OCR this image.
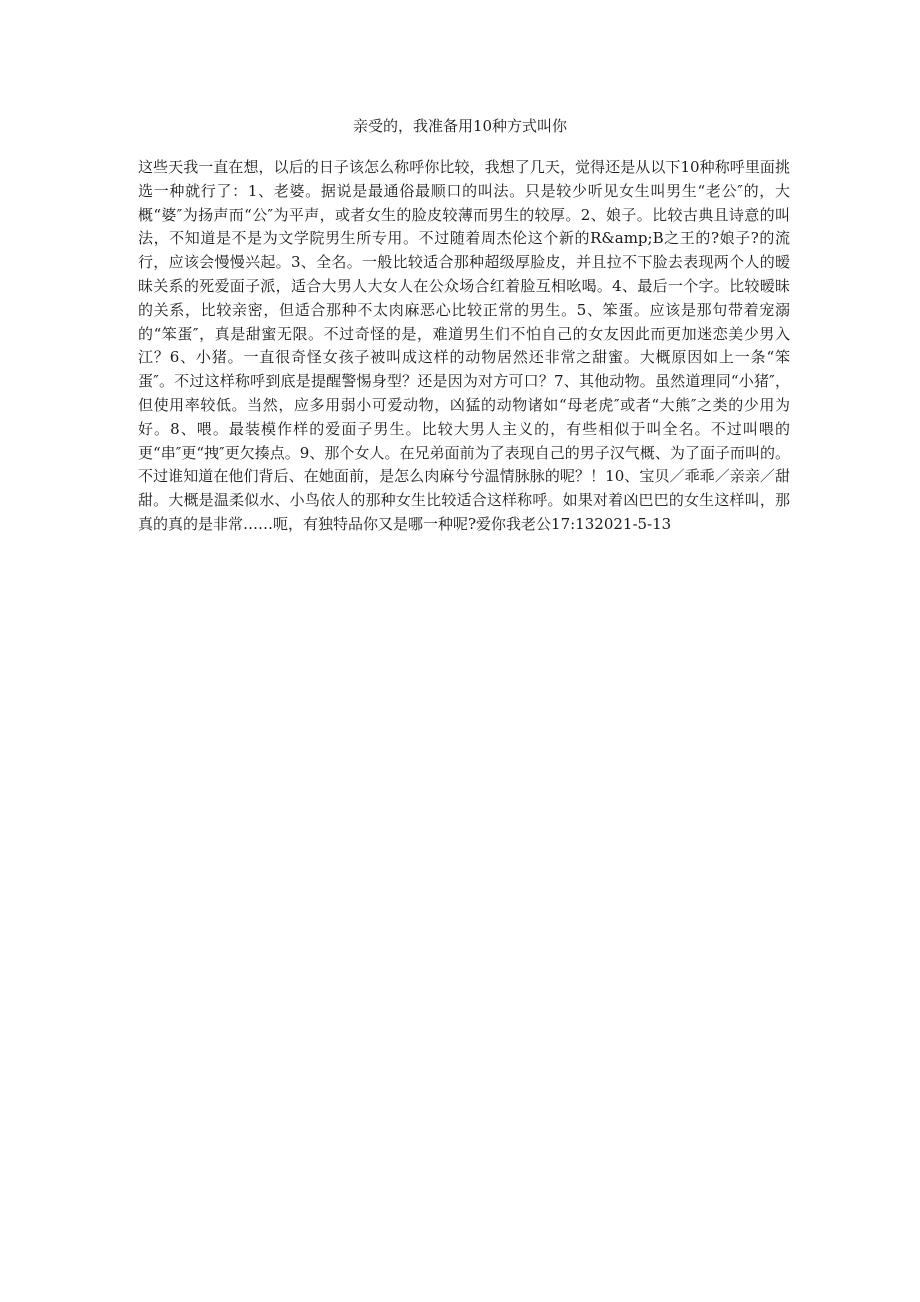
亲受的，我准备用10种方式叫你

这些天我一直在想，以后的日子该怎么称呼你比较，我想了几天，觉得还是从以下10种称呼里面挑选一种就行了：1、老婆。据说是最通俗最顺口的叫法。只是较少听见女生叫男生“老公″的，大概“婆″为扬声而“公″为平声，或者女生的脸皮较薄而男生的较厚。2、娘子。比较古典且诗意的叫法，不知道是不是为文学院男生所专用。不过随着周杰伦这个新的R&amp;B之王的?娘子?的流行，应该会慢慢兴起。3、全名。一般比较适合那种超级厚脸皮，并且拉不下脸去表现两个人的暧昧关系的死爱面子派，适合大男人大女人在公众场合红着脸互相吆喝。4、最后一个字。比较暧昧的关系，比较亲密，但适合那种不太肉麻恶心比较正常的男生。5、笨蛋。应该是那句带着宠溺的“笨蛋″，真是甜蜜无限。不过奇怪的是，难道男生们不怕自己的女友因此而更加迷恋美少男入江？6、小猪。一直很奇怪女孩子被叫成这样的动物居然还非常之甜蜜。大概原因如上一条“笨蛋″。不过这样称呼到底是提醒警惕身型？还是因为对方可口？7、其他动物。虽然道理同“小猪″，但使用率较低。当然，应多用弱小可爱动物，凶猛的动物诸如“母老虎″或者“大熊″之类的少用为好。8、喂。最装模作样的爱面子男生。比较大男人主义的，有些相似于叫全名。不过叫喂的更“串″更“拽″更欠揍点。9、那个女人。在兄弟面前为了表现自己的男子汉气概、为了面子而叫的。不过谁知道在他们背后、在她面前，是怎么肉麻兮兮温情脉脉的呢？！10、宝贝／乖乖／亲亲／甜甜。大概是温柔似水、小鸟依人的那种女生比较适合这样称呼。如果对着凶巴巴的女生这样叫，那真的真的是非常……呃，有独特品你又是哪一种呢?爱你我老公17:132021-5-13
